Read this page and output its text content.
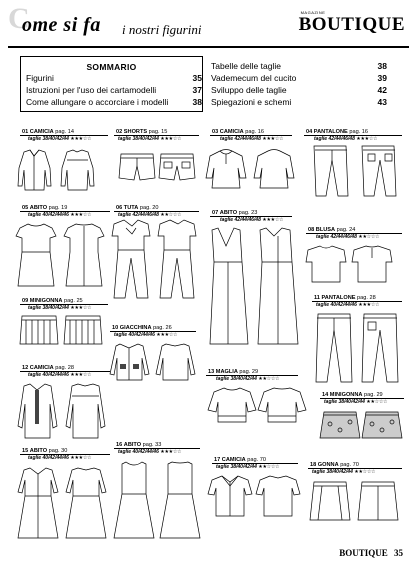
C
ome si fa i nostri figurini
MAGAZINE
BOUTIQUE
SOMMARIO
Figurini	35
Istruzioni per l'uso dei cartamodelli	37
Come allungare o accorciare i modelli	38
Tabelle delle taglie	38
Vademecum del cucito	39
Sviluppo delle taglie	42
Spiegazioni e schemi	43
01 CAMICIA pag. 14
taglie 38/40/42/44 ★★★☆☆
02 SHORTS pag. 15
taglie 38/40/42/44 ★★★☆☆
03 CAMICIA pag. 16
taglie 42/44/46/48 ★★★☆☆
04 PANTALONE pag. 16
taglie 42/44/46/48 ★★★☆☆
05 ABITO pag. 19
taglie 40/42/44/46 ★★★☆☆
06 TUTA pag. 20
taglie 42/44/46/48 ★★☆☆☆	07 ABITO pag. 23
taglie 42/44/46/48 ★★★☆☆
08 BLUSA pag. 24
taglie 42/44/46/48 ★★☆☆☆
09 MINIGONNA pag. 25
taglie 38/40/42/44 ★★★☆☆
10 GIACCHINA pag. 26
taglie 40/42/44/46 ★★★☆☆
11 PANTALONE pag. 28
taglie 40/42/44/46 ★★★☆☆
12 CAMICIA pag. 28
taglie 40/42/44/46 ★★★☆☆	13 MAGLIA pag. 29
taglie 38/40/42/44 ★★☆☆☆
14 MINIGONNA pag. 29
taglie 38/40/42/44 ★★☆☆☆
15 ABITO pag. 30
taglie 40/42/44/46 ★★★☆☆
16 ABITO pag. 33
taglie 40/42/44/46 ★★★☆☆
17 CAMICIA pag. 70
taglie 38/40/42/44 ★★☆☆☆	18 GONNA pag. 70
taglie 38/40/42/44 ★★☆☆☆
BOUTIQUE 35
